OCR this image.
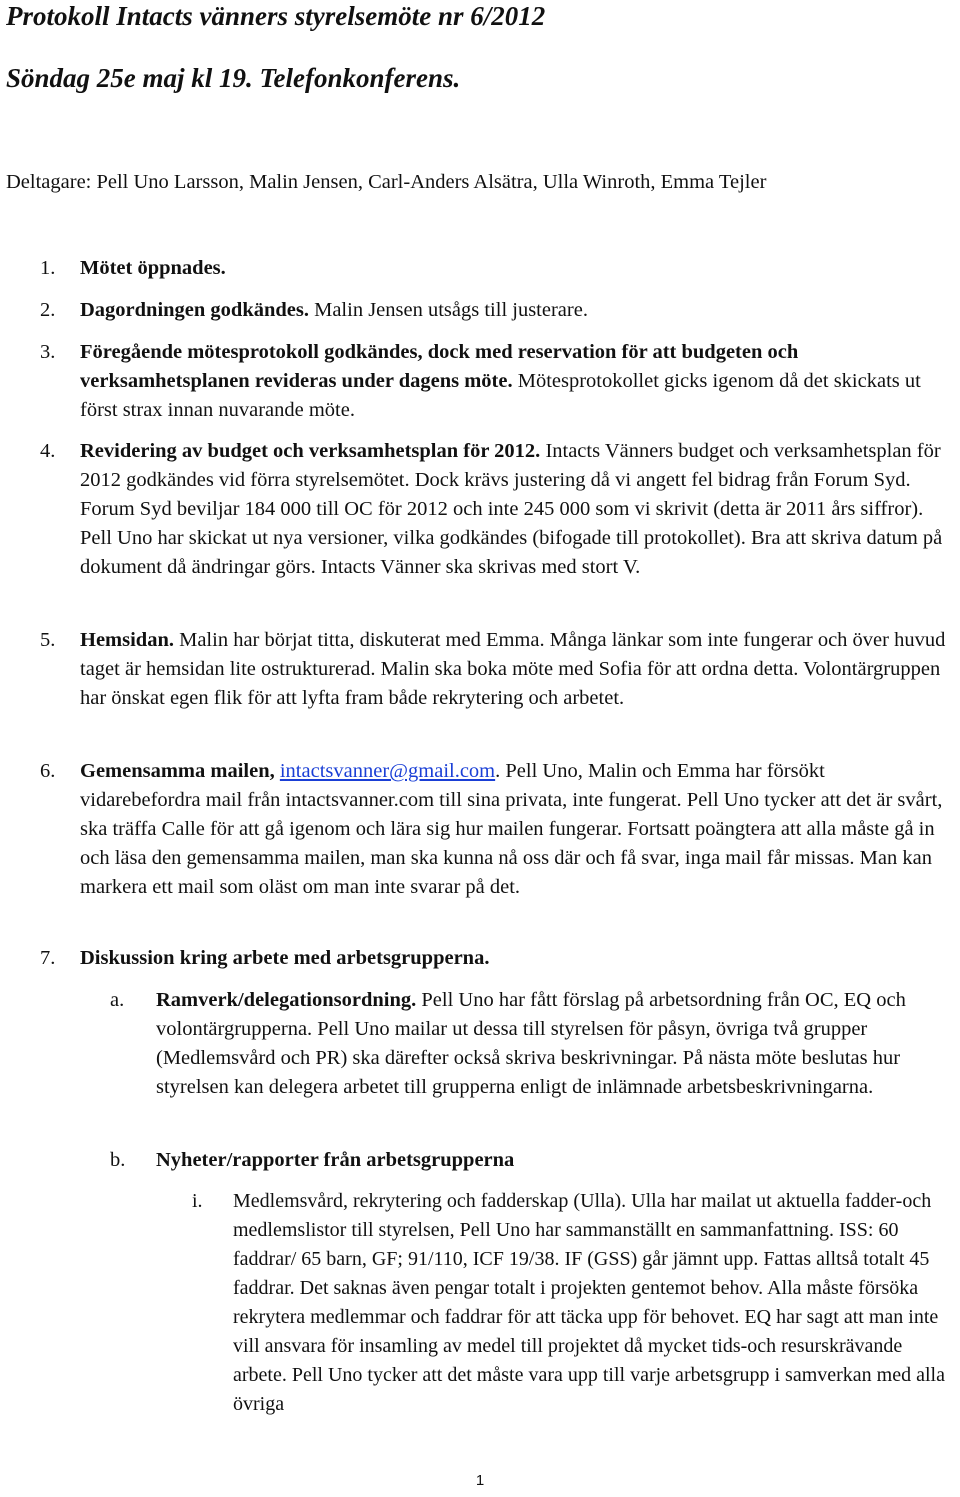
Protokoll Intacts vänners styrelsemöte nr 6/2012
Söndag 25e maj kl 19. Telefonkonferens.
Deltagare: Pell Uno Larsson, Malin Jensen, Carl-Anders Alsätra, Ulla Winroth, Emma Tejler
1. Mötet öppnades.
2. Dagordningen godkändes. Malin Jensen utsågs till justerare.
3. Föregående mötesprotokoll godkändes, dock med reservation för att budgeten och verksamhetsplanen revideras under dagens möte. Mötesprotokollet gicks igenom då det skickats ut först strax innan nuvarande möte.
4. Revidering av budget och verksamhetsplan för 2012. Intacts Vänners budget och verksamhetsplan för 2012 godkändes vid förra styrelsemötet. Dock krävs justering då vi angett fel bidrag från Forum Syd. Forum Syd beviljar 184 000 till OC för 2012 och inte 245 000 som vi skrivit (detta är 2011 års siffror). Pell Uno har skickat ut nya versioner, vilka godkändes (bifogade till protokollet). Bra att skriva datum på dokument då ändringar görs. Intacts Vänner ska skrivas med stort V.
5. Hemsidan. Malin har börjat titta, diskuterat med Emma. Många länkar som inte fungerar och över huvud taget är hemsidan lite ostrukturerad. Malin ska boka möte med Sofia för att ordna detta. Volontärgruppen har önskat egen flik för att lyfta fram både rekrytering och arbetet.
6. Gemensamma mailen, intactsvanner@gmail.com. Pell Uno, Malin och Emma har försökt vidarebefordra mail från intactsvanner.com till sina privata, inte fungerat. Pell Uno tycker att det är svårt, ska träffa Calle för att gå igenom och lära sig hur mailen fungerar. Fortsatt poängtera att alla måste gå in och läsa den gemensamma mailen, man ska kunna nå oss där och få svar, inga mail får missas. Man kan markera ett mail som oläst om man inte svarar på det.
7. Diskussion kring arbete med arbetsgrupperna.
a. Ramverk/delegationsordning. Pell Uno har fått förslag på arbetsordning från OC, EQ och volontärgrupperna. Pell Uno mailar ut dessa till styrelsen för påsyn, övriga två grupper (Medlemsvård och PR) ska därefter också skriva beskrivningar. På nästa möte beslutas hur styrelsen kan delegera arbetet till grupperna enligt de inlämnade arbetsbeskrivningarna.
b. Nyheter/rapporter från arbetsgrupperna
i. Medlemsvård, rekrytering och fadderskap (Ulla). Ulla har mailat ut aktuella fadder-och medlemslistor till styrelsen, Pell Uno har sammanställt en sammanfattning. ISS: 60 faddrar/ 65 barn, GF; 91/110, ICF 19/38. IF (GSS) går jämnt upp. Fattas alltså totalt 45 faddrar. Det saknas även pengar totalt i projekten gentemot behov. Alla måste försöka rekrytera medlemmar och faddrar för att täcka upp för behovet. EQ har sagt att man inte vill ansvara för insamling av medel till projektet då mycket tids-och resurskrävande arbete. Pell Uno tycker att det måste vara upp till varje arbetsgrupp i samverkan med alla övriga
1
